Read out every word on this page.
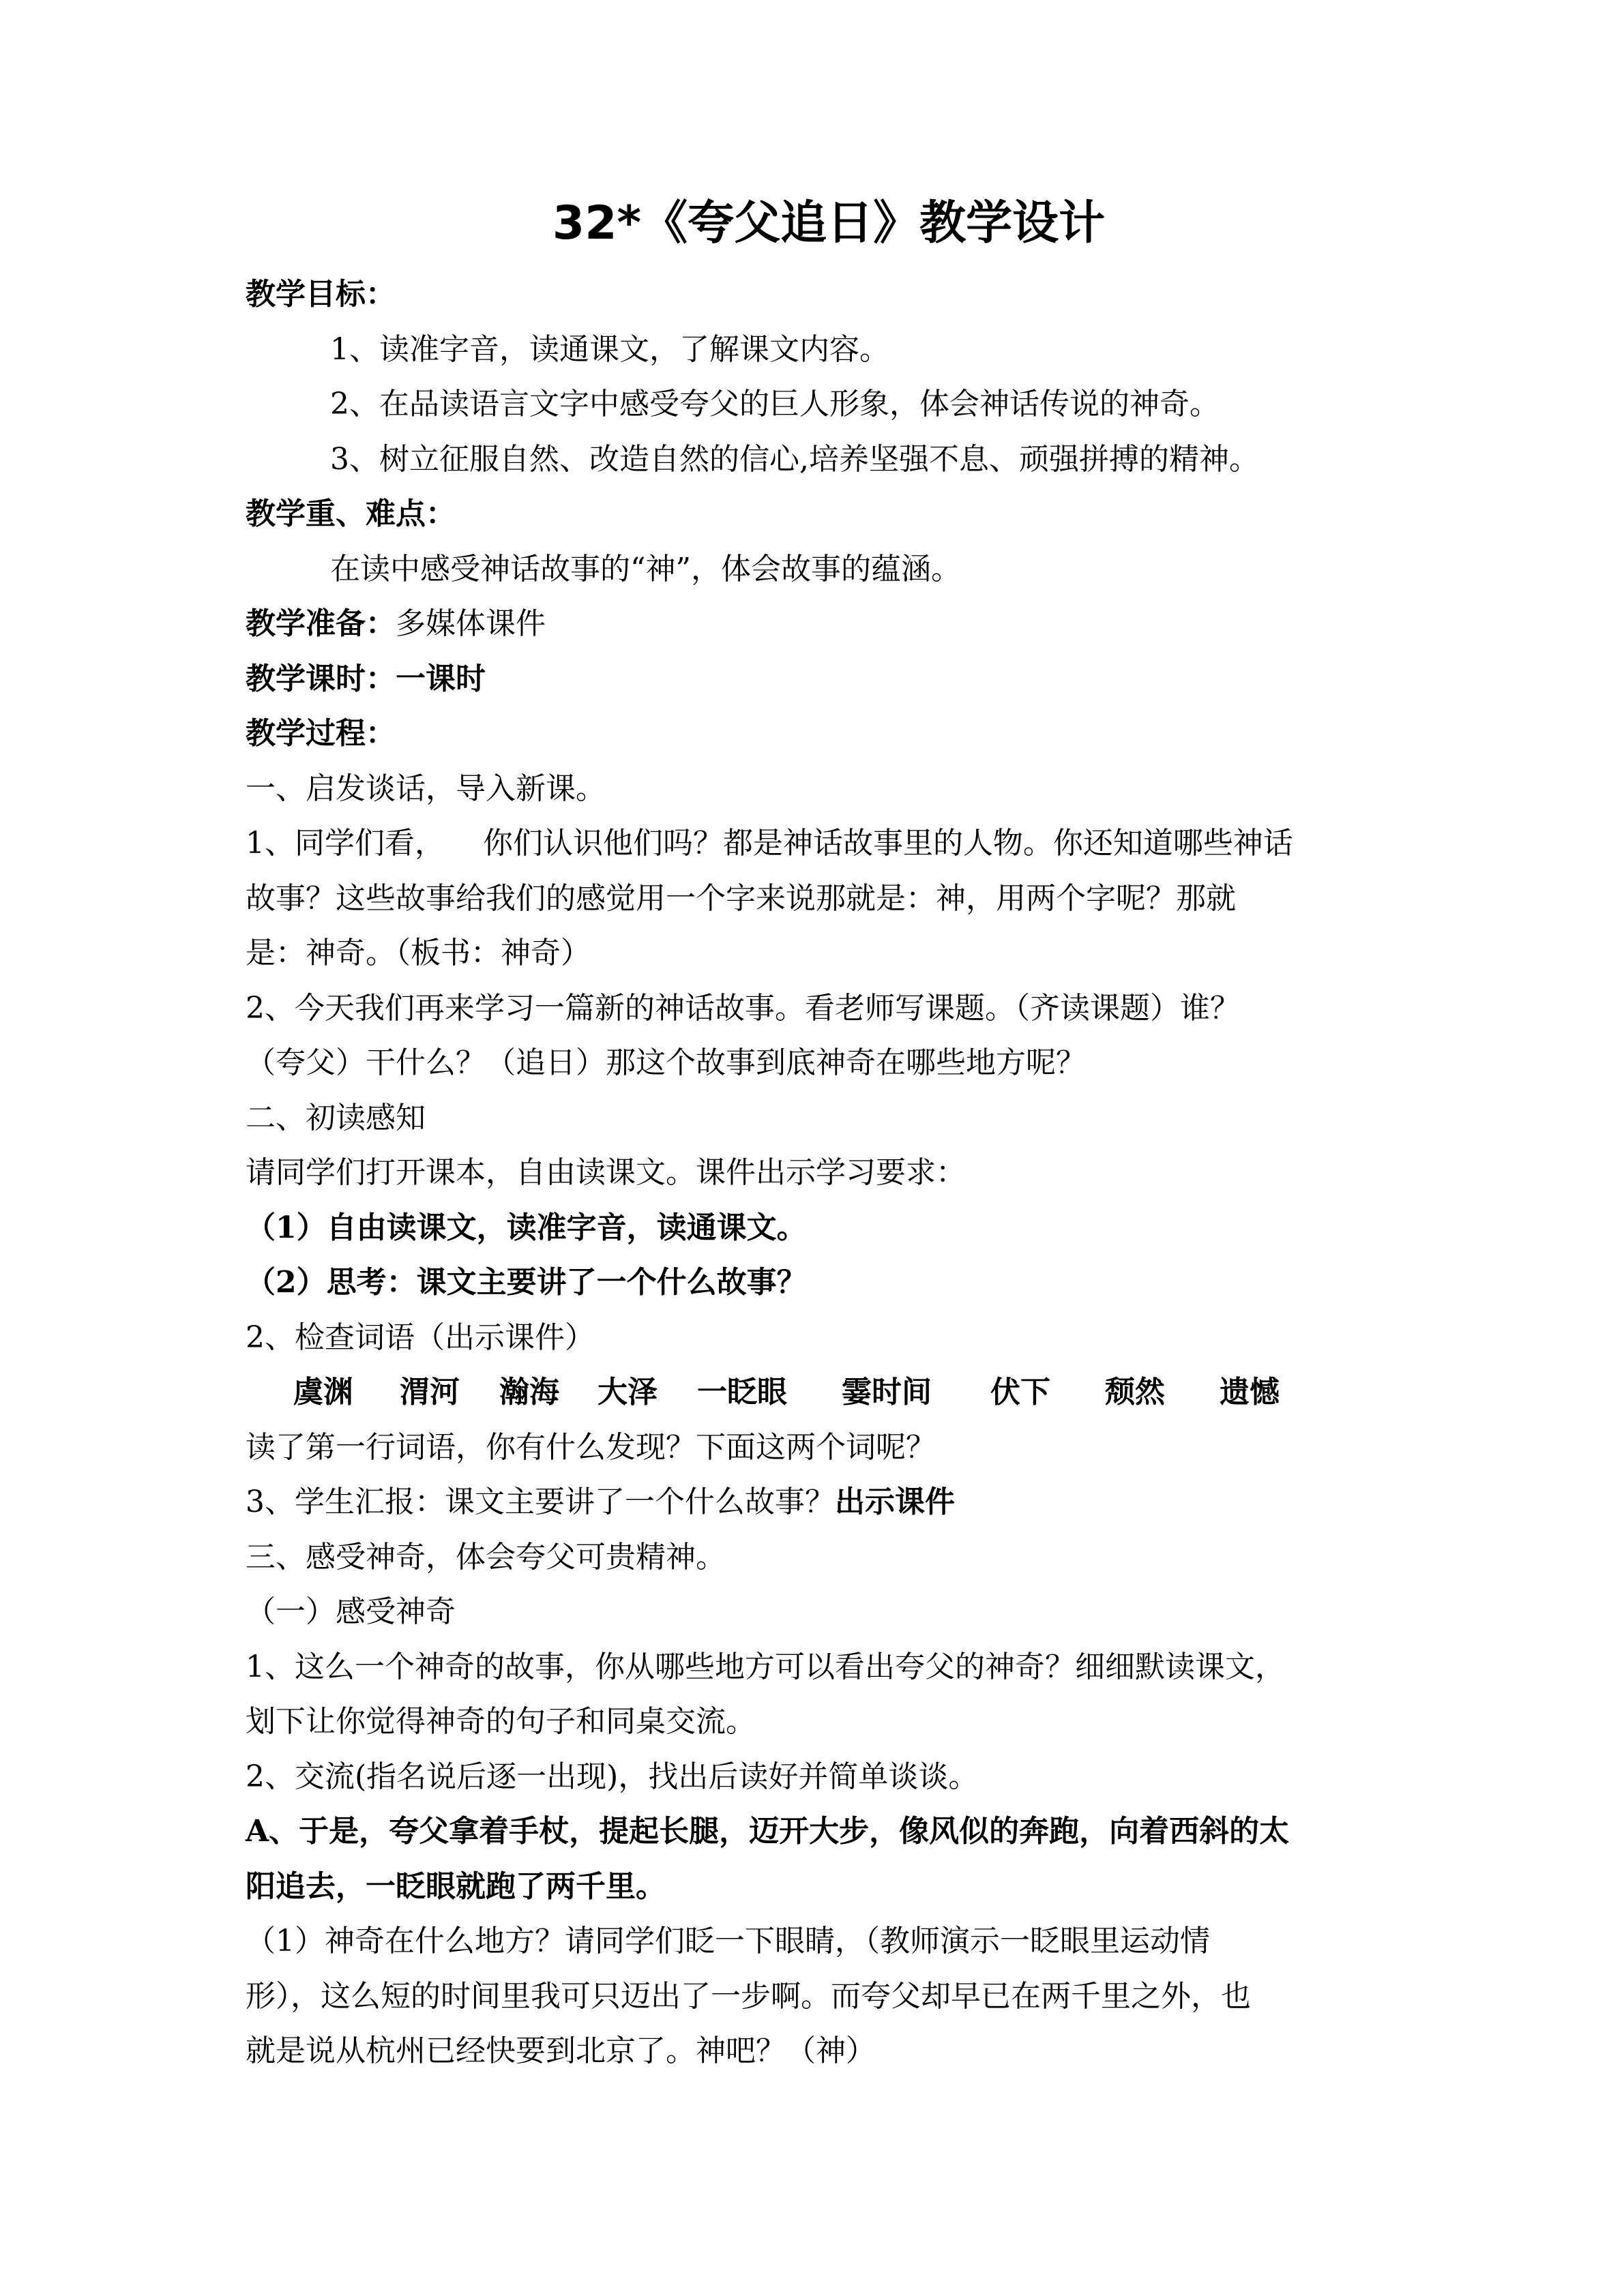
32*《夸父追日》教学设计
教学目标：
1、读准字音，读通课文，了解课文内容。
2、在品读语言文字中感受夸父的巨人形象，体会神话传说的神奇。
3、树立征服自然、改造自然的信心,培养坚强不息、顽强拼搏的精神。
教学重、难点：
在读中感受神话故事的“神”，体会故事的蕴涵。
教学准备：多媒体课件
教学课时：一课时
教学过程：
一、启发谈话，导入新课。
1、同学们看，    你们认识他们吗？都是神话故事里的人物。你还知道哪些神话
故事？这些故事给我们的感觉用一个字来说那就是：神，用两个字呢？那就
是：神奇。（板书：神奇）
2、今天我们再来学习一篇新的神话故事。看老师写课题。（齐读课题）谁？
（夸父）干什么？（追日）那这个故事到底神奇在哪些地方呢？
二、初读感知
请同学们打开课本，自由读课文。课件出示学习要求：
（1）自由读课文，读准字音，读通课文。
（2）思考：课文主要讲了一个什么故事？
2、检查词语（出示课件）
虞渊 渭河 瀚海 大泽 一眨眼 霎时间 伏下 颓然 遗憾
读了第一行词语，你有什么发现？下面这两个词呢？
3、学生汇报：课文主要讲了一个什么故事？出示课件
三、感受神奇，体会夸父可贵精神。
（一）感受神奇
1、这么一个神奇的故事，你从哪些地方可以看出夸父的神奇？细细默读课文，
划下让你觉得神奇的句子和同桌交流。
2、交流(指名说后逐一出现)，找出后读好并简单谈谈。
A、于是，夸父拿着手杖，提起长腿，迈开大步，像风似的奔跑，向着西斜的太
阳追去，一眨眼就跑了两千里。
（1）神奇在什么地方？请同学们眨一下眼睛，（教师演示一眨眼里运动情
形），这么短的时间里我可只迈出了一步啊。而夸父却早已在两千里之外，也
就是说从杭州已经快要到北京了。神吧？（神）
